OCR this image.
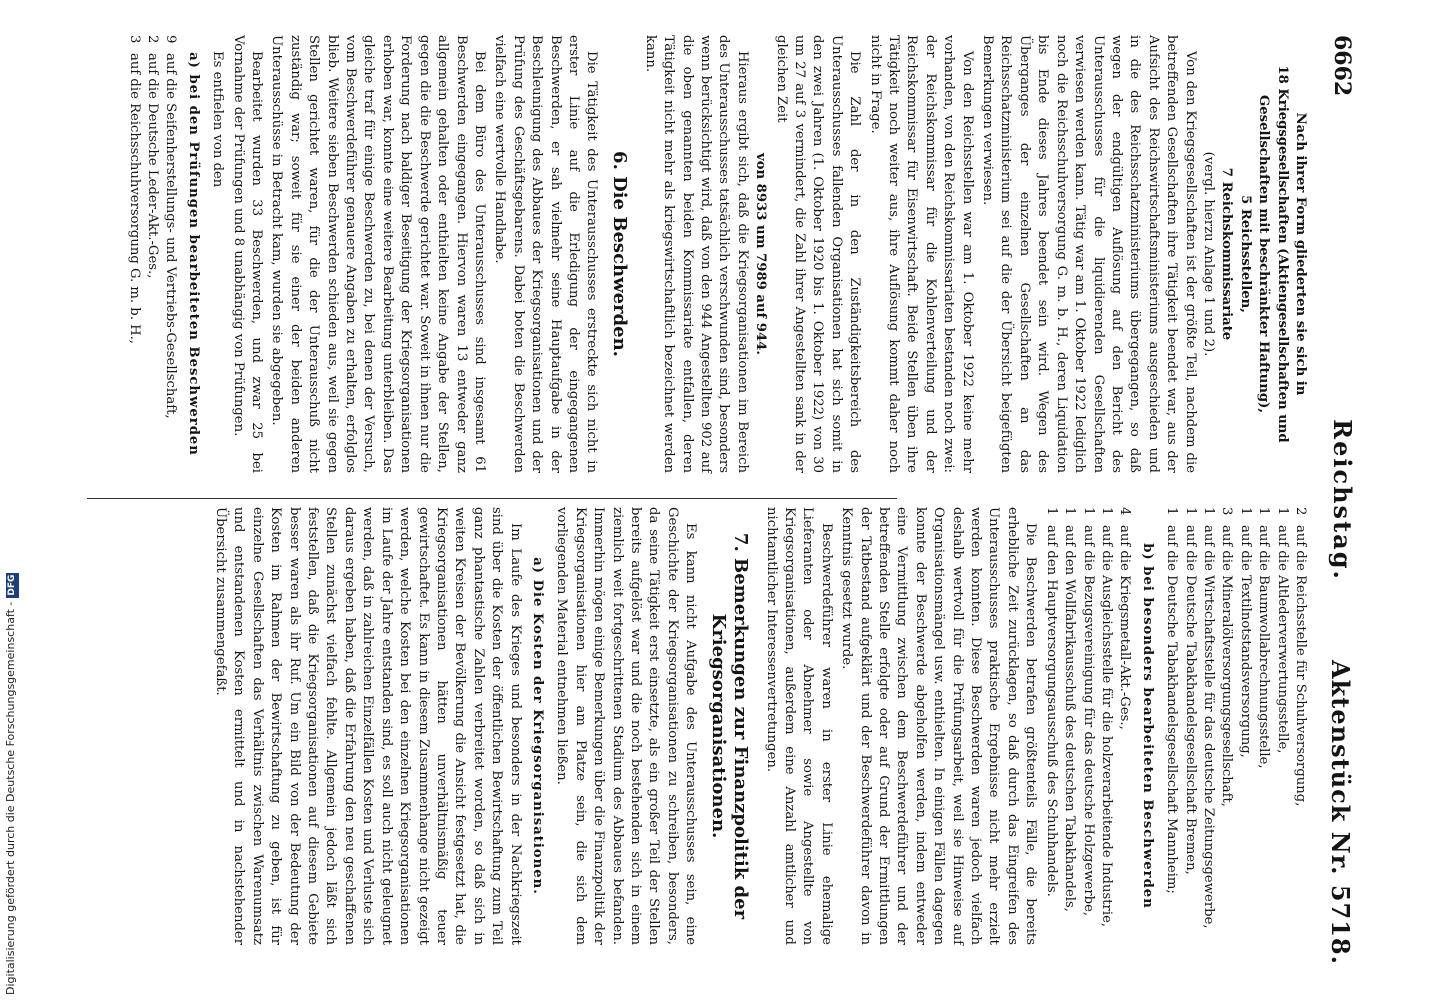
6662
Reichstag.
Aktenstück Nr. 5718.

Nach ihrer Form gliederten sie sich in

18 Kriegsgesellschaften (Aktiengesellschaften und Gesellschaften mit beschränkter Haftung),

5 Reichsstellen,

7 Reichskommissariate

(vergl. hierzu Anlage 1 und 2).

Von den Kriegsgesellschaften ist der größte Teil, nachdem die betreffenden Gesellschaften ihre Tätigkeit beendet war, aus der Aufsicht des Reichswirtschaftsministeriums ausgeschieden und in die des Reichsschatzministeriums übergegangen, so daß wegen der endgültigen Auflösung auf den Bericht des Unterausschusses für die liquidierenden Gesellschaften verwiesen werden kann. Tätig war am 1. Oktober 1922 lediglich noch die Reichsschuhversorgung G. m. b. H., deren Liquidation bis Ende dieses Jahres beendet sein wird. Wegen des Überganges der einzelnen Gesellschaften an das Reichsschatzministerium sei auf die der Übersicht beigefügten Bemerkungen verwiesen.

Von den Reichsstellen war am 1. Oktober 1922 keine mehr vorhanden, von den Reichskommissariaten bestanden noch zwei: der Reichskommissar für die Kohlenverteilung und der Reichskommissar für Eisenwirtschaft. Beide Stellen üben ihre Tätigkeit noch weiter aus, ihre Auflösung kommt daher noch nicht in Frage.

Die Zahl der in den Zuständigkeitsbereich des Unterausschusses fallenden Organisationen hat sich somit in den zwei Jahren (1. Oktober 1920 bis 1. Oktober 1922) von 30 um 27 auf 3 vermindert, die Zahl ihrer Angestellten sank in der gleichen Zeit

von 8933 um 7989 auf 944.

Hieraus ergibt sich, daß die Kriegsorganisationen im Bereich des Unterausschusses tatsächlich verschwunden sind, besonders wenn berücksichtigt wird, daß von den 944 Angestellten 902 auf die oben genannten beiden Kommissariate entfallen, deren Tätigkeit nicht mehr als kriegswirtschaftlich bezeichnet werden kann.

6. Die Beschwerden.

Die Tätigkeit des Unterausschusses erstreckte sich nicht in erster Linie auf die Erledigung der eingegangenen Beschwerden, er sah vielmehr seine Hauptaufgabe in der Beschleunigung des Abbaues der Kriegsorganisationen und der Prüfung des Geschäftsgebarens. Dabei boten die Beschwerden vielfach eine wertvolle Handhabe.

Bei dem Büro des Unterausschusses sind insgesamt 61 Beschwerden eingegangen. Hiervon waren 13 entweder ganz allgemein gehalten oder enthielten keine Angabe der Stellen, gegen die die Beschwerde gerichtet war. Soweit in ihnen nur die Forderung nach baldiger Beseitigung der Kriegsorganisationen erhoben war, konnte eine weitere Bearbeitung unterbleiben. Das gleiche traf für einige Beschwerden zu, bei denen der Versuch, vom Beschwerdeführer genauere Angaben zu erhalten, erfolglos blieb. Weitere sieben Beschwerden schieden aus, weil sie gegen Stellen gerichtet waren, für die der Unterausschuß nicht zuständig war; soweit für sie einer der beiden anderen Unterausschüsse in Betracht kam, wurden sie abgegeben.

Bearbeitet wurden 33 Beschwerden, und zwar 25 bei Vornahme der Prüfungen und 8 unabhängig von Prüfungen.

Es entfielen von den

a) bei den Prüfungen bearbeiteten Beschwerden
9
auf die Seifenherstellungs- und Vertriebs-Gesellschaft,
2
auf die Deutsche Leder-Akt.-Ges.,
3
auf die Reichsschuhversorgung G. m. b. H.,
2
auf die Reichsstelle für Schuhversorgung,
1
auf die Altlederverwertungsstelle,
1
auf die Baumwollabrechnungsstelle,
1
auf die Textilnotstandsversorgung,
3
auf die Mineralölversorgungsgesellschaft,
1
auf die Wirtschaftsstelle für das deutsche Zeitungsgewerbe,
1
auf die Deutsche Tabakhandelsgesellschaft Bremen,
1
auf die Deutsche Tabakhandelsgesellschaft Mannheim;
b) bei besonders bearbeiteten Beschwerden
4
auf die Kriegsmetall-Akt.-Ges.,
1
auf die Ausgleichsstelle für die holzverarbeitende Industrie,
1
auf die Bezugsvereinigung für das deutsche Holzgewerbe,
1
auf den Wollfabrikausschuß des deutschen Tabakhandels,
1
auf den Hauptversorgungsausschuß des Schuhhandels.

Die Beschwerden betrafen größtenteils Fälle, die bereits erhebliche Zeit zurücklagen, so daß durch das Eingreifen des Unterausschusses praktische Ergebnisse nicht mehr erzielt werden konnten. Diese Beschwerden waren jedoch vielfach deshalb wertvoll für die Prüfungsarbeit, weil sie Hinweise auf Organisationsmängel usw. enthielten. In einigen Fällen dagegen konnte der Beschwerde abgeholfen werden, indem entweder eine Vermittlung zwischen dem Beschwerdeführer und der betreffenden Stelle erfolgte oder auf Grund der Ermittlungen der Tatbestand aufgeklärt und der Beschwerdeführer davon in Kenntnis gesetzt wurde.

Beschwerdeführer waren in erster Linie ehemalige Lieferanten oder Abnehmer sowie Angestellte von Kriegsorganisationen, außerdem eine Anzahl amtlicher und nichtamtlicher Interessenvertretungen.

7. Bemerkungen zur Finanzpolitik der Kriegsorganisationen.

Es kann nicht Aufgabe des Unterausschusses sein, eine Geschichte der Kriegsorganisationen zu schreiben, besonders, da seine Tätigkeit erst einsetzte, als ein großer Teil der Stellen bereits aufgelöst war und die noch bestehenden sich in einem ziemlich weit fortgeschrittenen Stadium des Abbaues befanden. Immerhin mögen einige Bemerkungen über die Finanzpolitik der Kriegsorganisationen hier am Platze sein, die sich dem vorliegenden Material entnehmen ließen.

a) Die Kosten der Kriegsorganisationen.

Im Laufe des Krieges und besonders in der Nachkriegszeit sind über die Kosten der öffentlichen Bewirtschaftung zum Teil ganz phantastische Zahlen verbreitet worden, so daß sich in weiten Kreisen der Bevölkerung die Ansicht festgesetzt hat, die Kriegsorganisationen hätten unverhältnismäßig teuer gewirtschaftet. Es kann in diesem Zusammenhange nicht gezeigt werden, welche Kosten bei den einzelnen Kriegsorganisationen im Laufe der Jahre entstanden sind, es soll auch nicht geleugnet werden, daß in zahlreichen Einzelfällen Kosten und Verluste sich daraus ergeben haben, daß die Erfahrung den neu geschaffenen Stellen zunächst vielfach fehlte. Allgemein jedoch läßt sich feststellen, daß die Kriegsorganisationen auf diesem Gebiete besser waren als ihr Ruf. Um ein Bild von der Bedeutung der Kosten im Rahmen der Bewirtschaftung zu geben, ist für einzelne Gesellschaften das Verhältnis zwischen Warenumsatz und entstandenen Kosten ermittelt und in nachstehender Übersicht zusammengefaßt.

Digitalisierung gefördert durch die Deutsche Forschungsgemeinschaft -DFG
